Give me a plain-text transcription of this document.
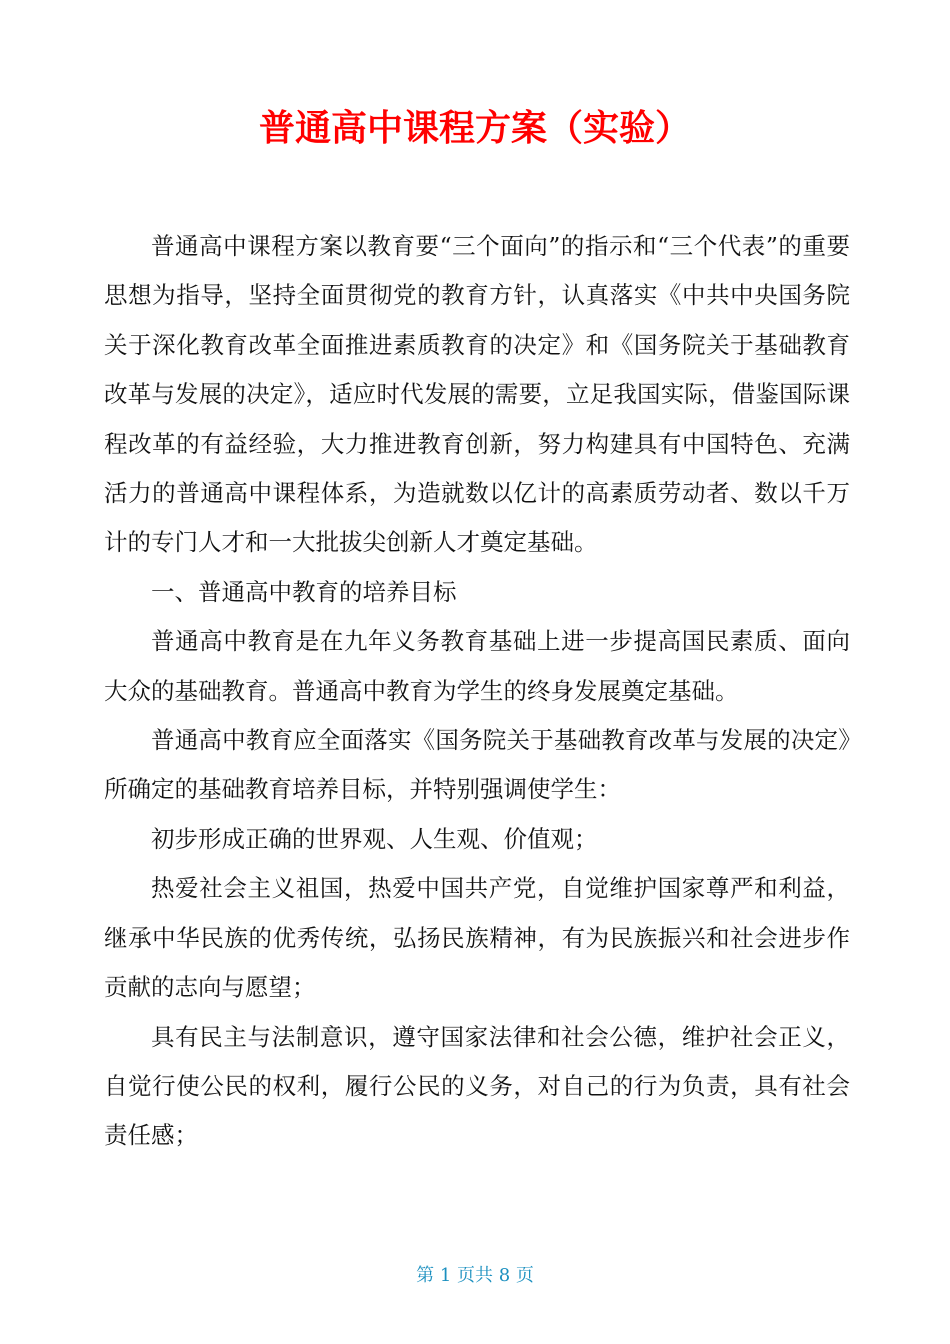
普通高中课程方案（实验）

普通高中课程方案以教育要“三个面向”的指示和“三个代表”的重要思想为指导，坚持全面贯彻党的教育方针，认真落实《中共中央国务院关于深化教育改革全面推进素质教育的决定》和《国务院关于基础教育改革与发展的决定》，适应时代发展的需要，立足我国实际，借鉴国际课程改革的有益经验，大力推进教育创新，努力构建具有中国特色、充满活力的普通高中课程体系，为造就数以亿计的高素质劳动者、数以千万计的专门人才和一大批拔尖创新人才奠定基础。

一、普通高中教育的培养目标

普通高中教育是在九年义务教育基础上进一步提高国民素质、面向大众的基础教育。普通高中教育为学生的终身发展奠定基础。

普通高中教育应全面落实《国务院关于基础教育改革与发展的决定》所确定的基础教育培养目标，并特别强调使学生：

初步形成正确的世界观、人生观、价值观；

热爱社会主义祖国，热爱中国共产党，自觉维护国家尊严和利益，继承中华民族的优秀传统，弘扬民族精神，有为民族振兴和社会进步作贡献的志向与愿望；

具有民主与法制意识，遵守国家法律和社会公德，维护社会正义，自觉行使公民的权利，履行公民的义务，对自己的行为负责，具有社会责任感；

第 1 页共 8 页
